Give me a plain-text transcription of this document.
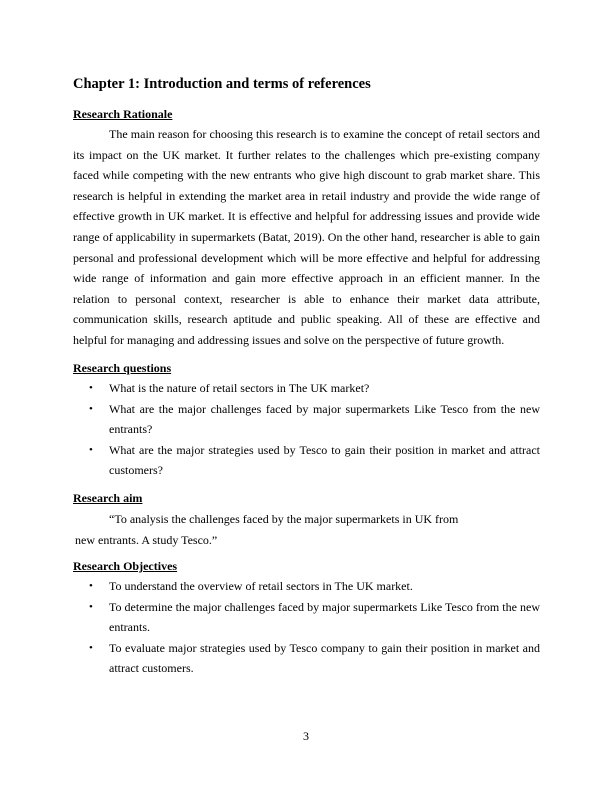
Chapter 1: Introduction and terms of references
Research Rationale

The main reason for choosing this research is to examine the concept of retail sectors and its impact on the UK market. It further relates to the challenges which pre-existing company faced while competing with the new entrants who give high discount to grab market share. This research is helpful in extending the market area in retail industry and provide the wide range of effective growth in UK market. It is effective and helpful for addressing issues and provide wide range of applicability in supermarkets (Batat, 2019). On the other hand, researcher is able to gain personal and professional development which will be more effective and helpful for addressing wide range of information and gain more effective approach in an efficient manner. In the relation to personal context, researcher is able to enhance their market data attribute, communication skills, research aptitude and public speaking. All of these are effective and helpful for managing and addressing issues and solve on the perspective of future growth.

Research questions
• What is the nature of retail sectors in The UK market?
• What are the major challenges faced by major supermarkets Like Tesco from the new entrants?
• What are the major strategies used by Tesco to gain their position in market and attract customers?
Research aim

“To analysis the challenges faced by the major supermarkets in UK from

new entrants. A study Tesco.”

Research Objectives
• To understand the overview of retail sectors in The UK market.
• To determine the major challenges faced by major supermarkets Like Tesco from the new entrants.
• To evaluate major strategies used by Tesco company to gain their position in market and attract customers.

3
